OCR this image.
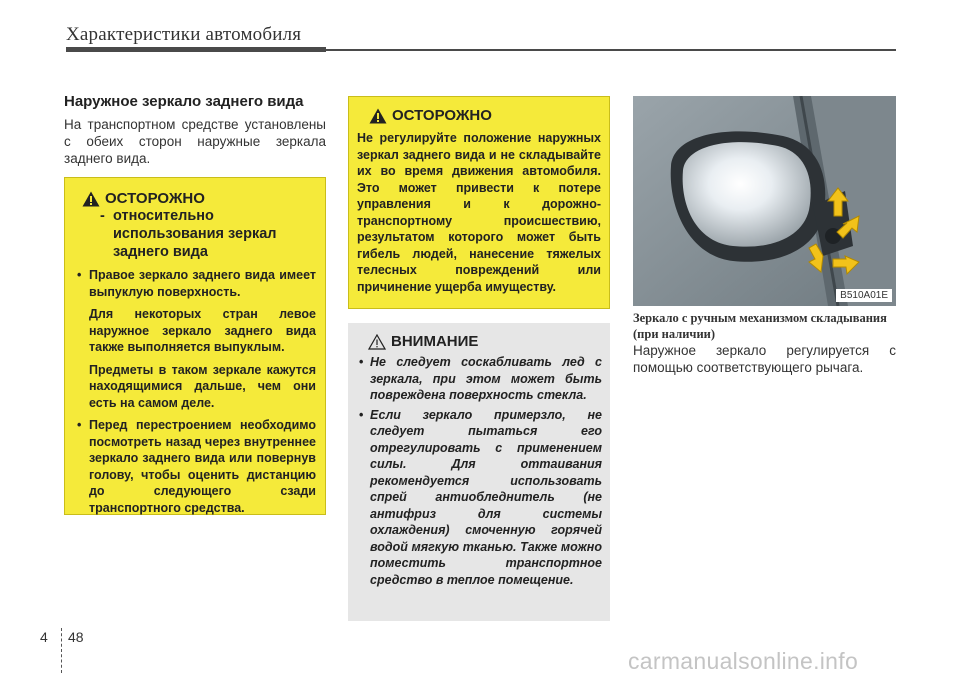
Характеристики автомобиля
Наружное зеркало заднего вида
На транспортном средстве установлены с обеих сторон наружные зеркала заднего вида.
ОСТОРОЖНО
- относительно
использования зеркал заднего вида
• Правое зеркало заднего вида имеет выпуклую поверхность.

Для некоторых стран левое наружное зеркало заднего вида также выполняется выпуклым.

Предметы в таком зеркале кажутся находящимися дальше, чем они есть на самом деле.

• Перед перестроением необходимо посмотреть назад через внутреннее зеркало заднего вида или повернув голову, чтобы оценить дистанцию до следующего сзади транспортного средства.
ОСТОРОЖНО
Не регулируйте положение наружных зеркал заднего вида и не складывайте их во время движения автомобиля. Это может привести к потере управления и к дорожно-транспортному происшествию, результатом которого может быть гибель людей, нанесение тяжелых телесных повреждений или причинение ущерба имуществу.
ВНИМАНИЕ
• Не следует соскабливать лед с зеркала, при этом может быть повреждена поверхность стекла.
• Если зеркало примерзло, не следует пытаться его отрегулировать с применением силы. Для оттаивания рекомендуется использовать спрей антиобледнитель (не антифриз для системы охлаждения) смоченную горячей водой мягкую тканью. Также можно поместить транспортное средство в теплое помещение.
B510A01E
Зеркало с ручным механизмом складывания (при наличии)
Наружное зеркало регулируется с помощью соответствующего рычага.
4 48
carmanualsonline.info
